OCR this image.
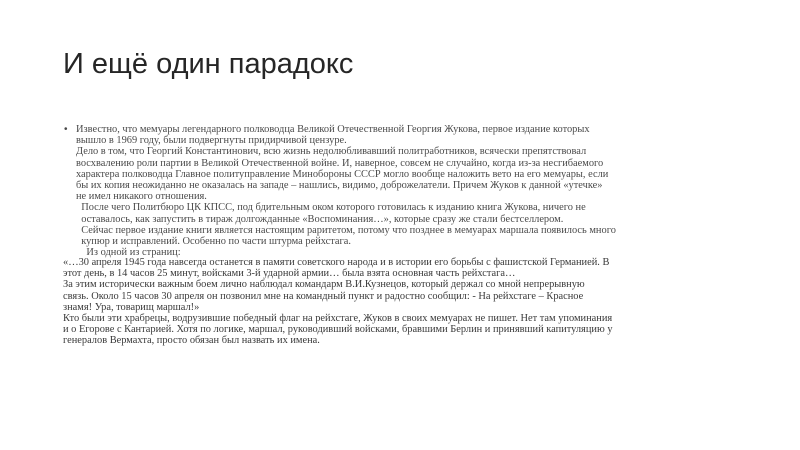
И ещё один парадокс
• Известно, что мемуары легендарного полководца Великой Отечественной Георгия Жукова, первое издание которых
вышло в 1969 году, были подвергнуты придирчивой цензуре.
Дело в том, что Георгий Константинович, всю жизнь недолюбливавший политработников, всячески препятствовал
восхвалению роли партии в Великой Отечественной войне. И, наверное, совсем не случайно, когда из-за несгибаемого
характера полководца Главное политуправление Минобороны СССР могло вообще наложить вето на его мемуары, если
бы их копия неожиданно не оказалась на западе – нашлись, видимо, доброжелатели. Причем Жуков к данной «утечке»
не имел никакого отношения.
После чего Политбюро ЦК КПСС, под бдительным оком которого готовилась к изданию книга Жукова, ничего не
оставалось, как запустить в тираж долгожданные «Воспоминания…», которые сразу же стали бестселлером.
Сейчас первое издание книги является настоящим раритетом, потому что позднее в мемуарах маршала появилось много
купюр и исправлений. Особенно по части штурма рейхстага.
Из одной из страниц:
«…30 апреля 1945 года навсегда останется в памяти советского народа и в истории его борьбы с фашистской Германией. В
этот день, в 14 часов 25 минут, войсками 3-й ударной армии… была взята основная часть рейхстага…
За этим исторически важным боем лично наблюдал командарм В.И.Кузнецов, который держал со мной непрерывную
связь. Около 15 часов 30 апреля он позвонил мне на командный пункт и радостно сообщил: - На рейхстаге – Красное
знамя! Ура, товарищ маршал!»
Кто были эти храбрецы, водрузившие победный флаг на рейхстаге, Жуков в своих мемуарах не пишет. Нет там упоминания
и о Егорове с Кантарией. Хотя по логике, маршал, руководивший войсками, бравшими Берлин и принявший капитуляцию у
генералов Вермахта, просто обязан был назвать их имена.
